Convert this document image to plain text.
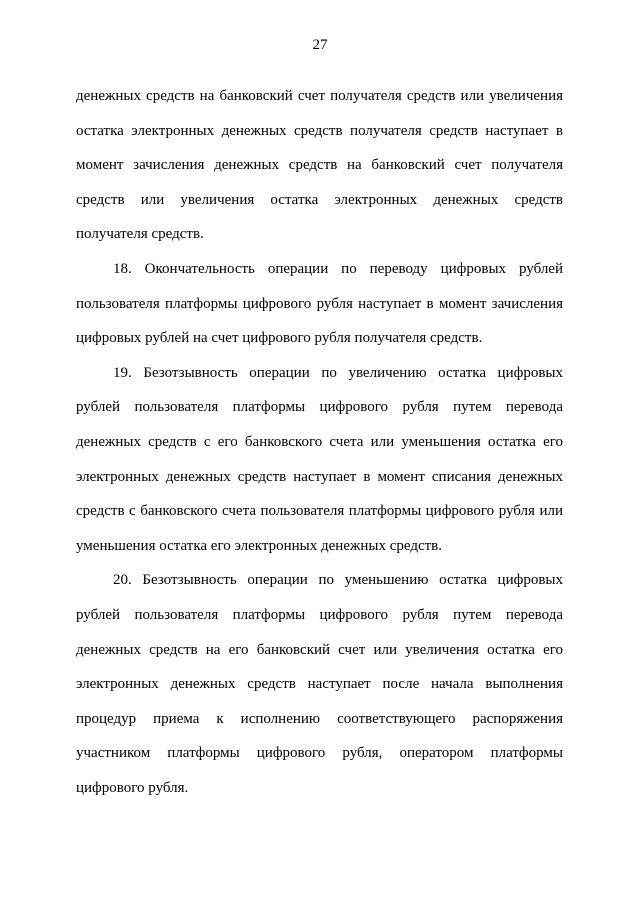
27

денежных средств на банковский счет получателя средств или увеличения остатка электронных денежных средств получателя средств наступает в момент зачисления денежных средств на банковский счет получателя средств или увеличения остатка электронных денежных средств получателя средств.

18. Окончательность операции по переводу цифровых рублей пользователя платформы цифрового рубля наступает в момент зачисления цифровых рублей на счет цифрового рубля получателя средств.

19. Безотзывность операции по увеличению остатка цифровых рублей пользователя платформы цифрового рубля путем перевода денежных средств с его банковского счета или уменьшения остатка его электронных денежных средств наступает в момент списания денежных средств с банковского счета пользователя платформы цифрового рубля или уменьшения остатка его электронных денежных средств.

20. Безотзывность операции по уменьшению остатка цифровых рублей пользователя платформы цифрового рубля путем перевода денежных средств на его банковский счет или увеличения остатка его электронных денежных средств наступает после начала выполнения процедур приема к исполнению соответствующего распоряжения участником платформы цифрового рубля, оператором платформы цифрового рубля.
